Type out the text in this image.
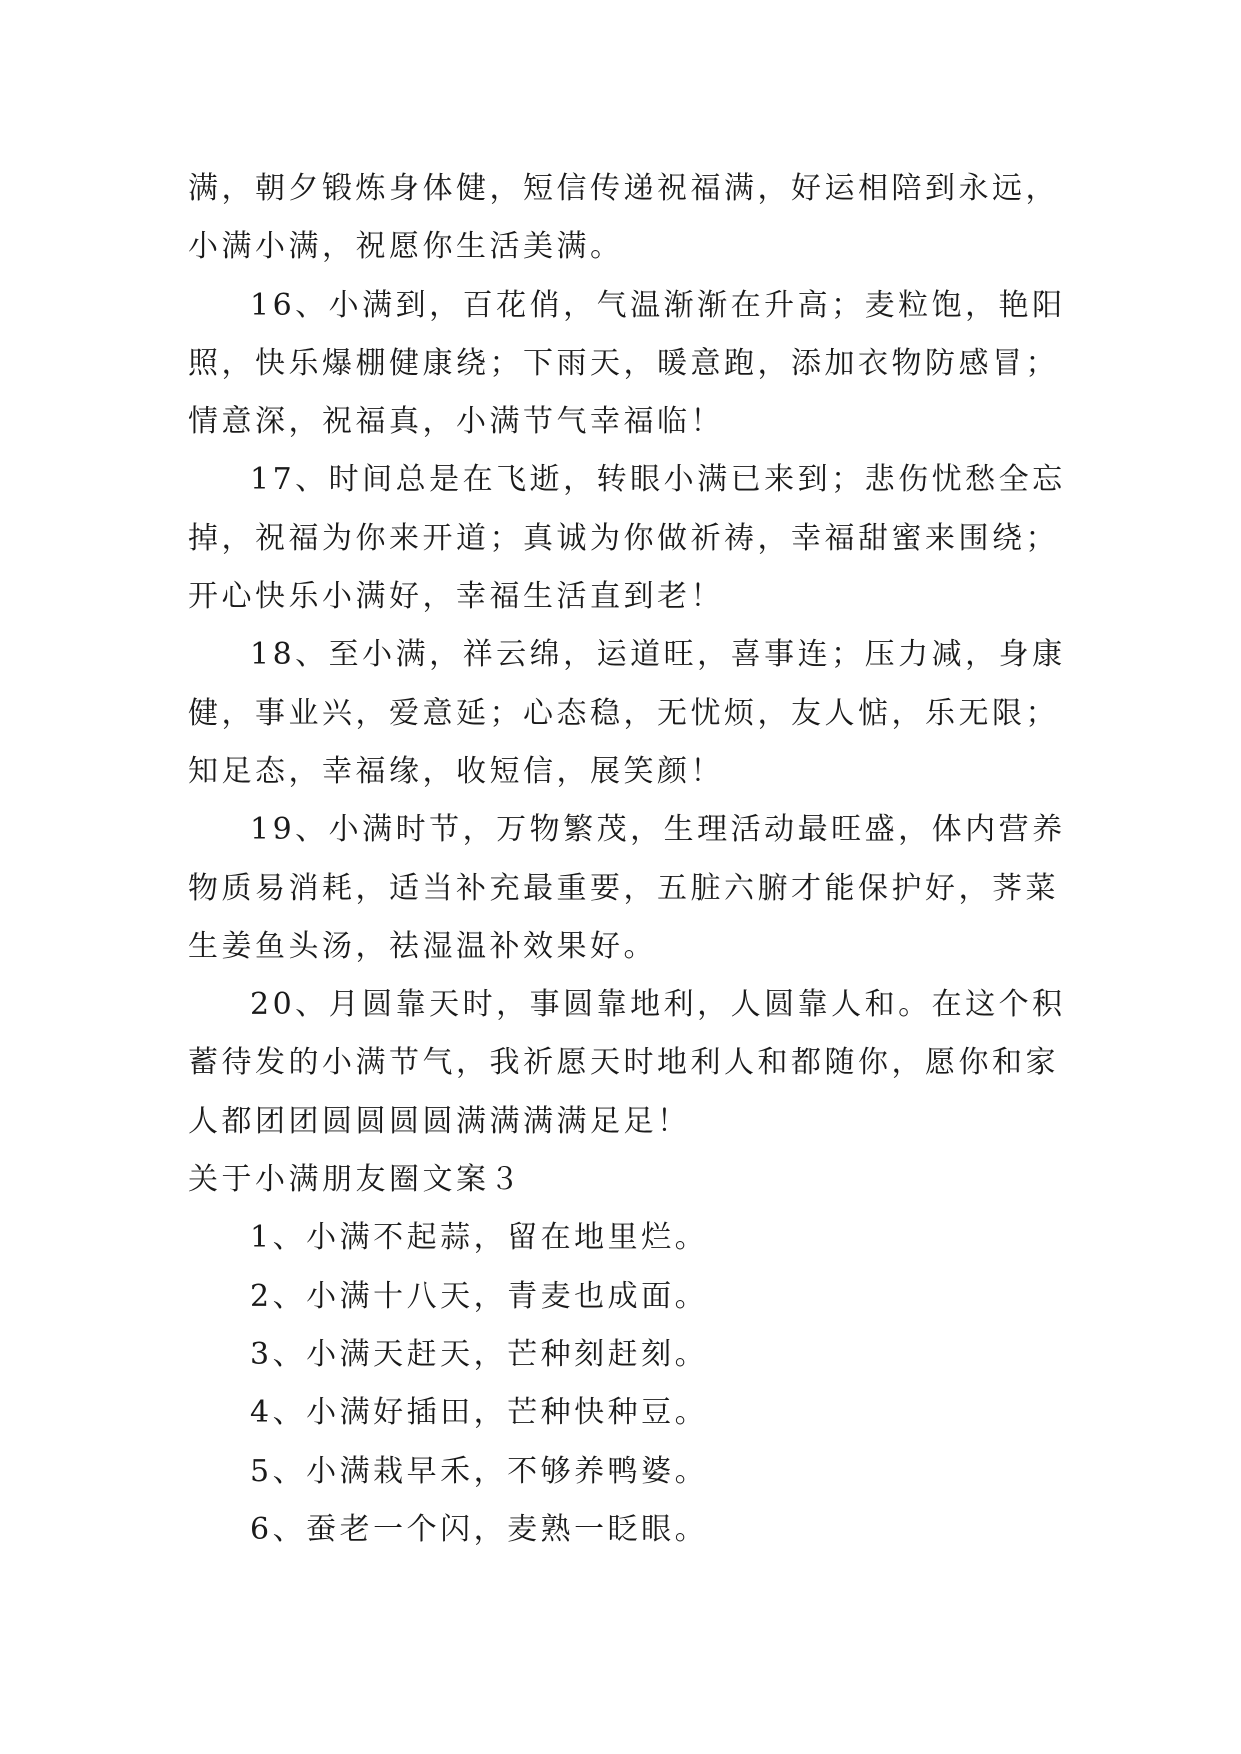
满，朝夕锻炼身体健，短信传递祝福满，好运相陪到永远，
小满小满，祝愿你生活美满。
16、小满到，百花俏，气温渐渐在升高；麦粒饱，艳阳
照，快乐爆棚健康绕；下雨天，暖意跑，添加衣物防感冒；
情意深，祝福真，小满节气幸福临！
17、时间总是在飞逝，转眼小满已来到；悲伤忧愁全忘
掉，祝福为你来开道；真诚为你做祈祷，幸福甜蜜来围绕；
开心快乐小满好，幸福生活直到老！
18、至小满，祥云绵，运道旺，喜事连；压力减，身康
健，事业兴，爱意延；心态稳，无忧烦，友人惦，乐无限；
知足态，幸福缘，收短信，展笑颜！
19、小满时节，万物繁茂，生理活动最旺盛，体内营养
物质易消耗，适当补充最重要，五脏六腑才能保护好，荠菜
生姜鱼头汤，祛湿温补效果好。
20、月圆靠天时，事圆靠地利，人圆靠人和。在这个积
蓄待发的小满节气，我祈愿天时地利人和都随你，愿你和家
人都团团圆圆圆圆满满满满足足！
关于小满朋友圈文案３
1、小满不起蒜，留在地里烂。
2、小满十八天，青麦也成面。
3、小满天赶天，芒种刻赶刻。
4、小满好插田，芒种快种豆。
5、小满栽早禾，不够养鸭婆。
6、蚕老一个闪，麦熟一眨眼。
